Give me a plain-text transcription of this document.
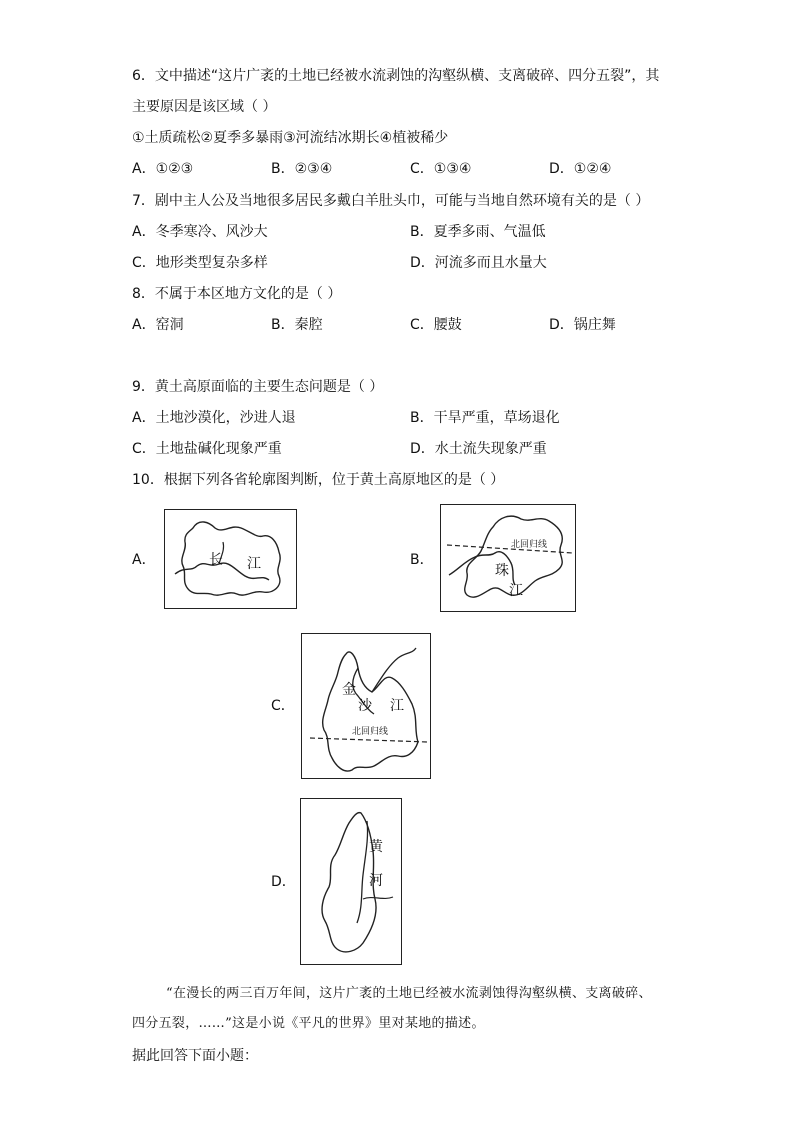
6．文中描述“这片广袤的土地已经被水流剥蚀的沟壑纵横、支离破碎、四分五裂”，其
主要原因是该区域（ ）
①土质疏松②夏季多暴雨③河流结冰期长④植被稀少
A．①②③	B．②③④	C．①③④	D．①②④
7．剧中主人公及当地很多居民多戴白羊肚头巾，可能与当地自然环境有关的是（ ）
A．冬季寒冷、风沙大	B．夏季多雨、气温低
C．地形类型复杂多样	D．河流多而且水量大
8．不属于本区地方文化的是（ ）
A．窑洞	B．秦腔	C．腰鼓	D．锅庄舞
9．黄土高原面临的主要生态问题是（ ）
A．土地沙漠化，沙进人退	B．干旱严重，草场退化
C．土地盐碱化现象严重	D．水土流失现象严重
10．根据下列各省轮廓图判断，位于黄土高原地区的是（ ）
A．	长 江	B．
北回归线
珠
江
C．
金
沙 江
北回归线
D．
黄
河
“在漫长的两三百万年间，这片广袤的土地已经被水流剥蚀得沟壑纵横、支离破碎、
四分五裂，……”这是小说《平凡的世界》里对某地的描述。
据此回答下面小题：
